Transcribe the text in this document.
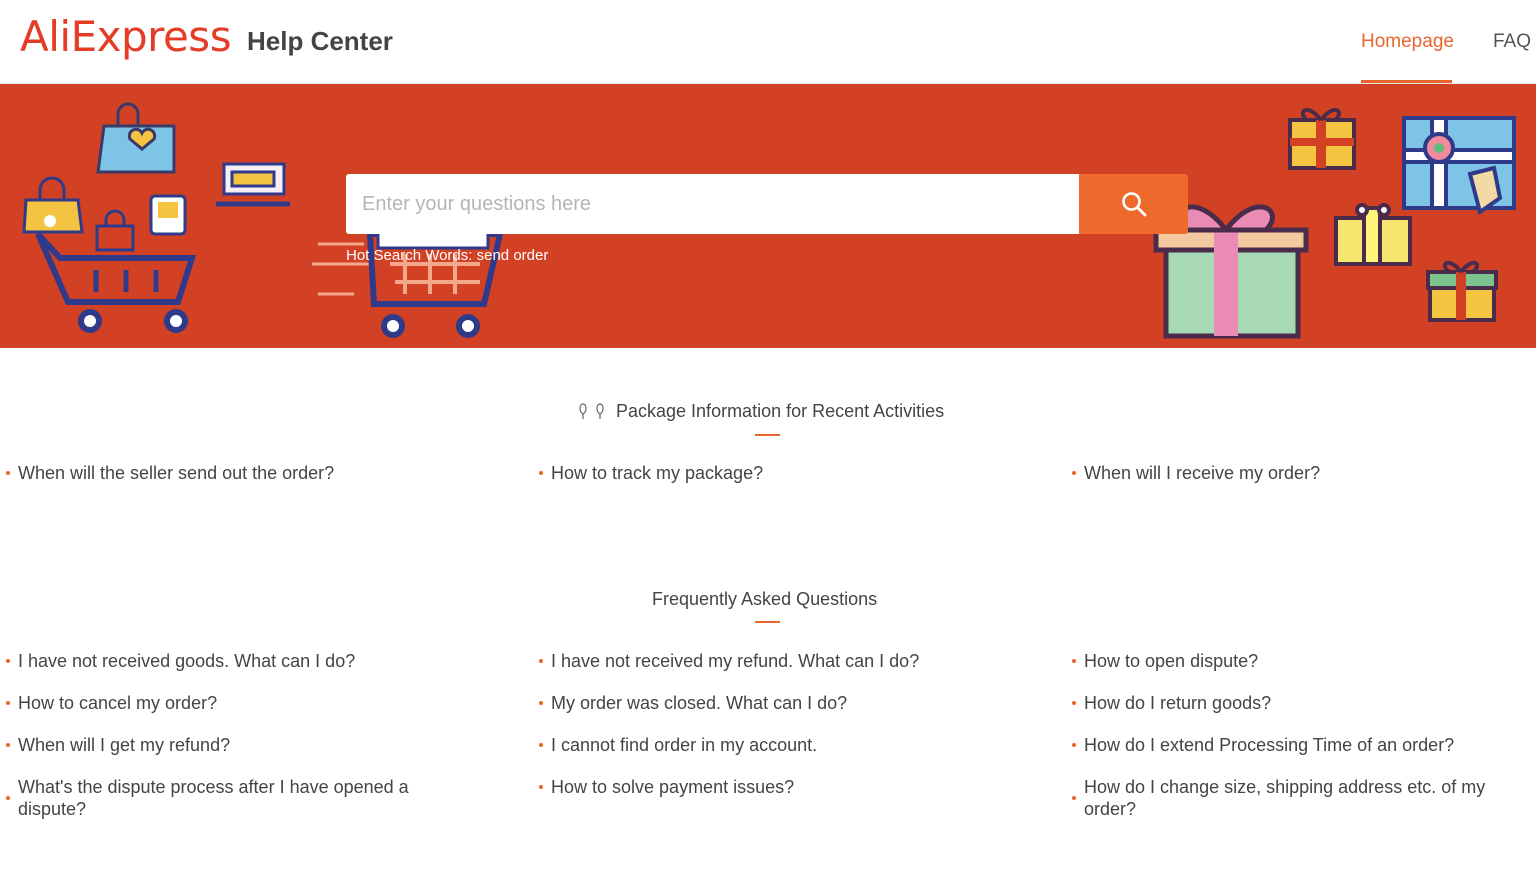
AliExpress Help Center	Homepage FAQ
Enter your questions here
Hot Search Words: send order
Package Information for Recent Activities
When will the seller send out the order?	How to track my package?	When will I receive my order?
Frequently Asked Questions
I have not received goods. What can I do?
How to cancel my order?
When will I get my refund?
What's the dispute process after I have opened a dispute?
I have not received my refund. What can I do?
My order was closed. What can I do?
I cannot find order in my account.
How to solve payment issues?
How to open dispute?
How do I return goods?
How do I extend Processing Time of an order?
How do I change size, shipping address etc. of my order?
